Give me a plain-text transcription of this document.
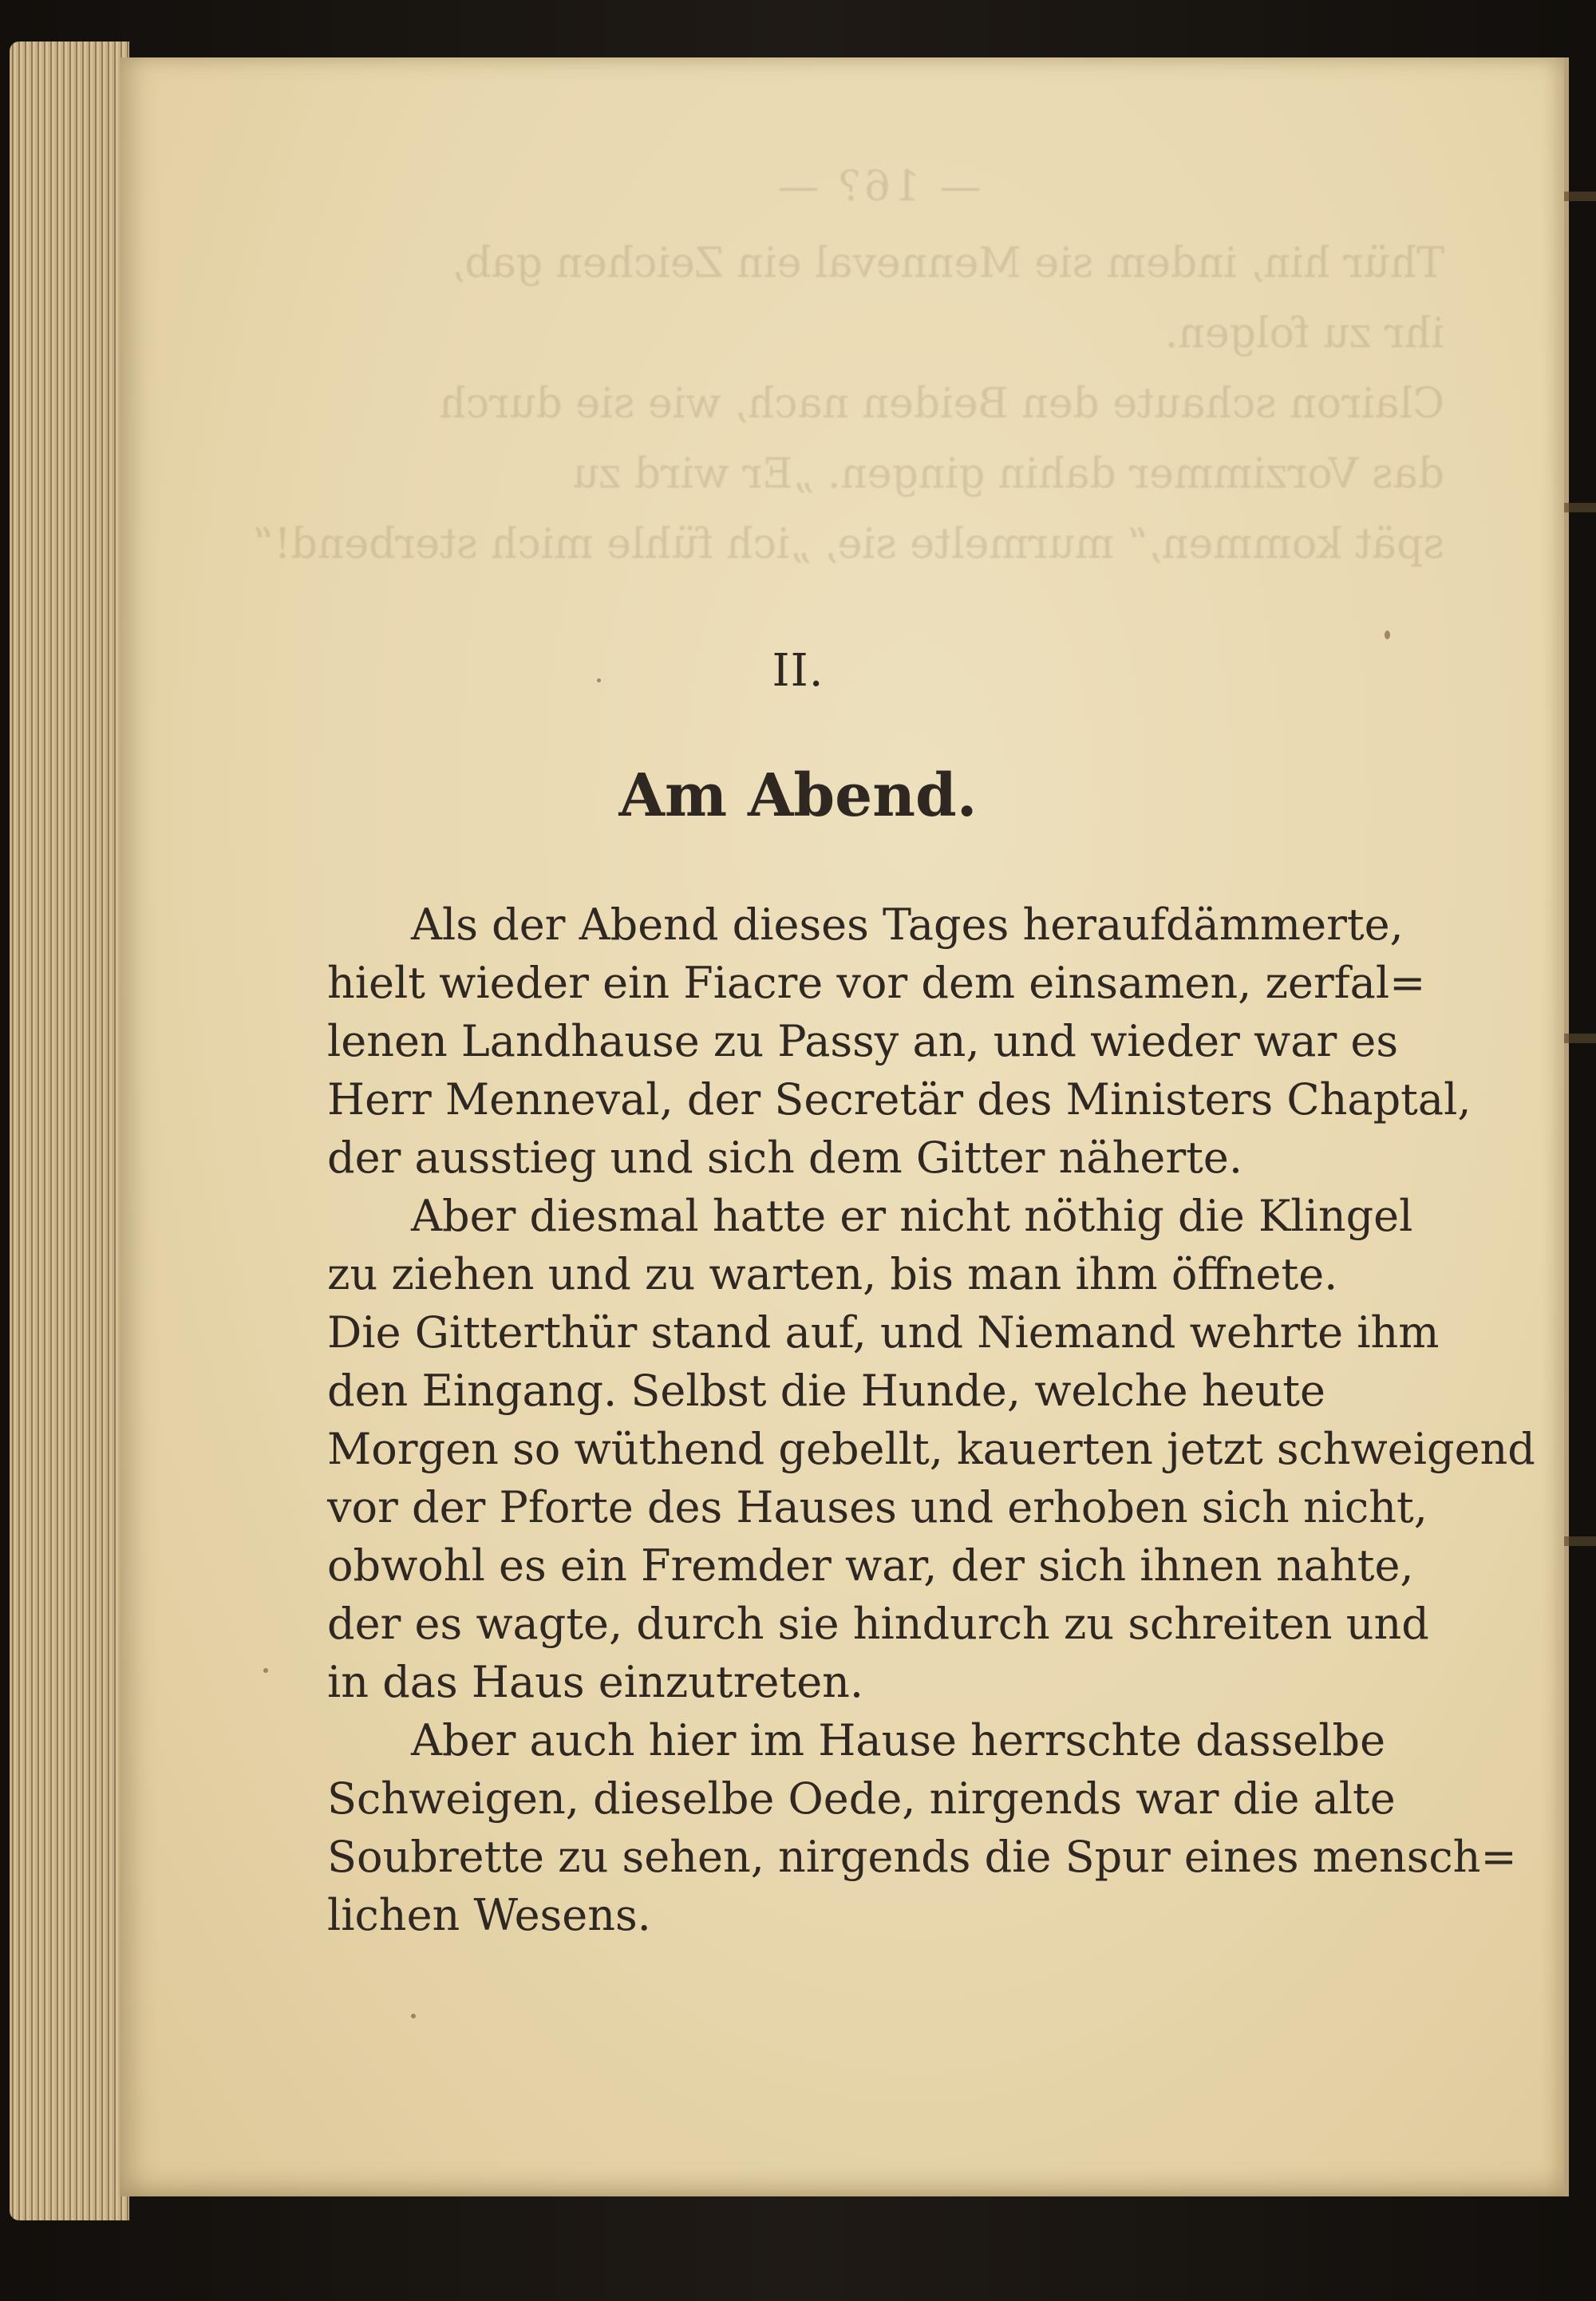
II.
Am Abend.

Als der Abend dieses Tages heraufdämmerte,
hielt wieder ein Fiacre vor dem einsamen, zerfal=
lenen Landhause zu Passy an, und wieder war es
Herr Menneval, der Secretär des Ministers Chaptal,
der ausstieg und sich dem Gitter näherte.

Aber diesmal hatte er nicht nöthig die Klingel
zu ziehen und zu warten, bis man ihm öffnete.
Die Gitterthür stand auf, und Niemand wehrte ihm
den Eingang. Selbst die Hunde, welche heute
Morgen so wüthend gebellt, kauerten jetzt schweigend
vor der Pforte des Hauses und erhoben sich nicht,
obwohl es ein Fremder war, der sich ihnen nahte,
der es wagte, durch sie hindurch zu schreiten und
in das Haus einzutreten.

Aber auch hier im Hause herrschte dasselbe
Schweigen, dieselbe Oede, nirgends war die alte
Soubrette zu sehen, nirgends die Spur eines mensch=
lichen Wesens.
